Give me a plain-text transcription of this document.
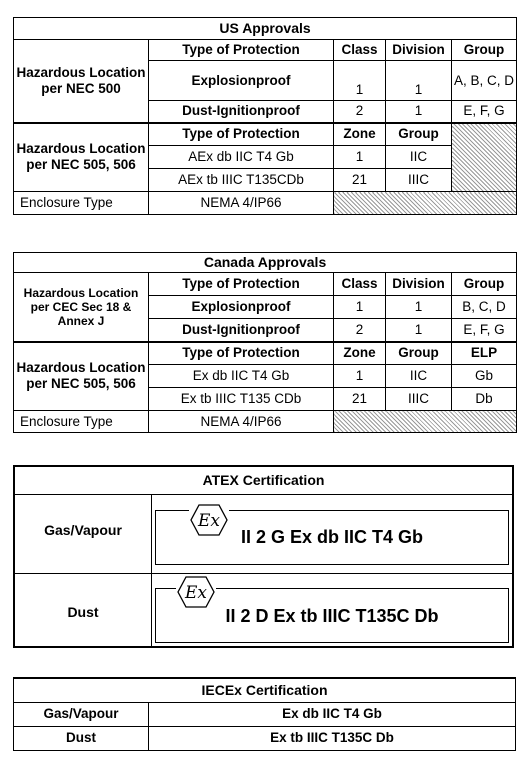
US Approvals				
Hazardous Location per NEC 500	Type of Protection	Class	Division	Group
	Explosionproof	1	1	A, B, C, D
	Dust-Ignitionproof	2	1	E, F, G
Hazardous Location per NEC 505, 506	Type of Protection	Zone	Group	
	AEx db IIC T4 Gb	1	IIC	
	AEx tb IIIC T135CDb	21	IIIC	
Enclosure Type	NEMA 4/IP66			
Canada Approvals				
Hazardous Location per CEC Sec 18 & Annex J	Type of Protection	Class	Division	Group
	Explosionproof	1	1	B, C, D
	Dust-Ignitionproof	2	1	E, F, G
Hazardous Location per NEC 505, 506	Type of Protection	Zone	Group	ELP
	Ex db IIC T4 Gb	1	IIC	Gb
	Ex tb IIIC T135 CDb	21	IIIC	Db
Enclosure Type	NEMA 4/IP66			
ATEX Certification
Gas/Vapour	II 2 G Ex db IIC T4 Gb
Ex
Dust	II 2 D Ex tb IIIC T135C Db
Ex
IECEx Certification	
Gas/Vapour	Ex db IIC T4 Gb
Dust	Ex tb IIIC T135C Db
